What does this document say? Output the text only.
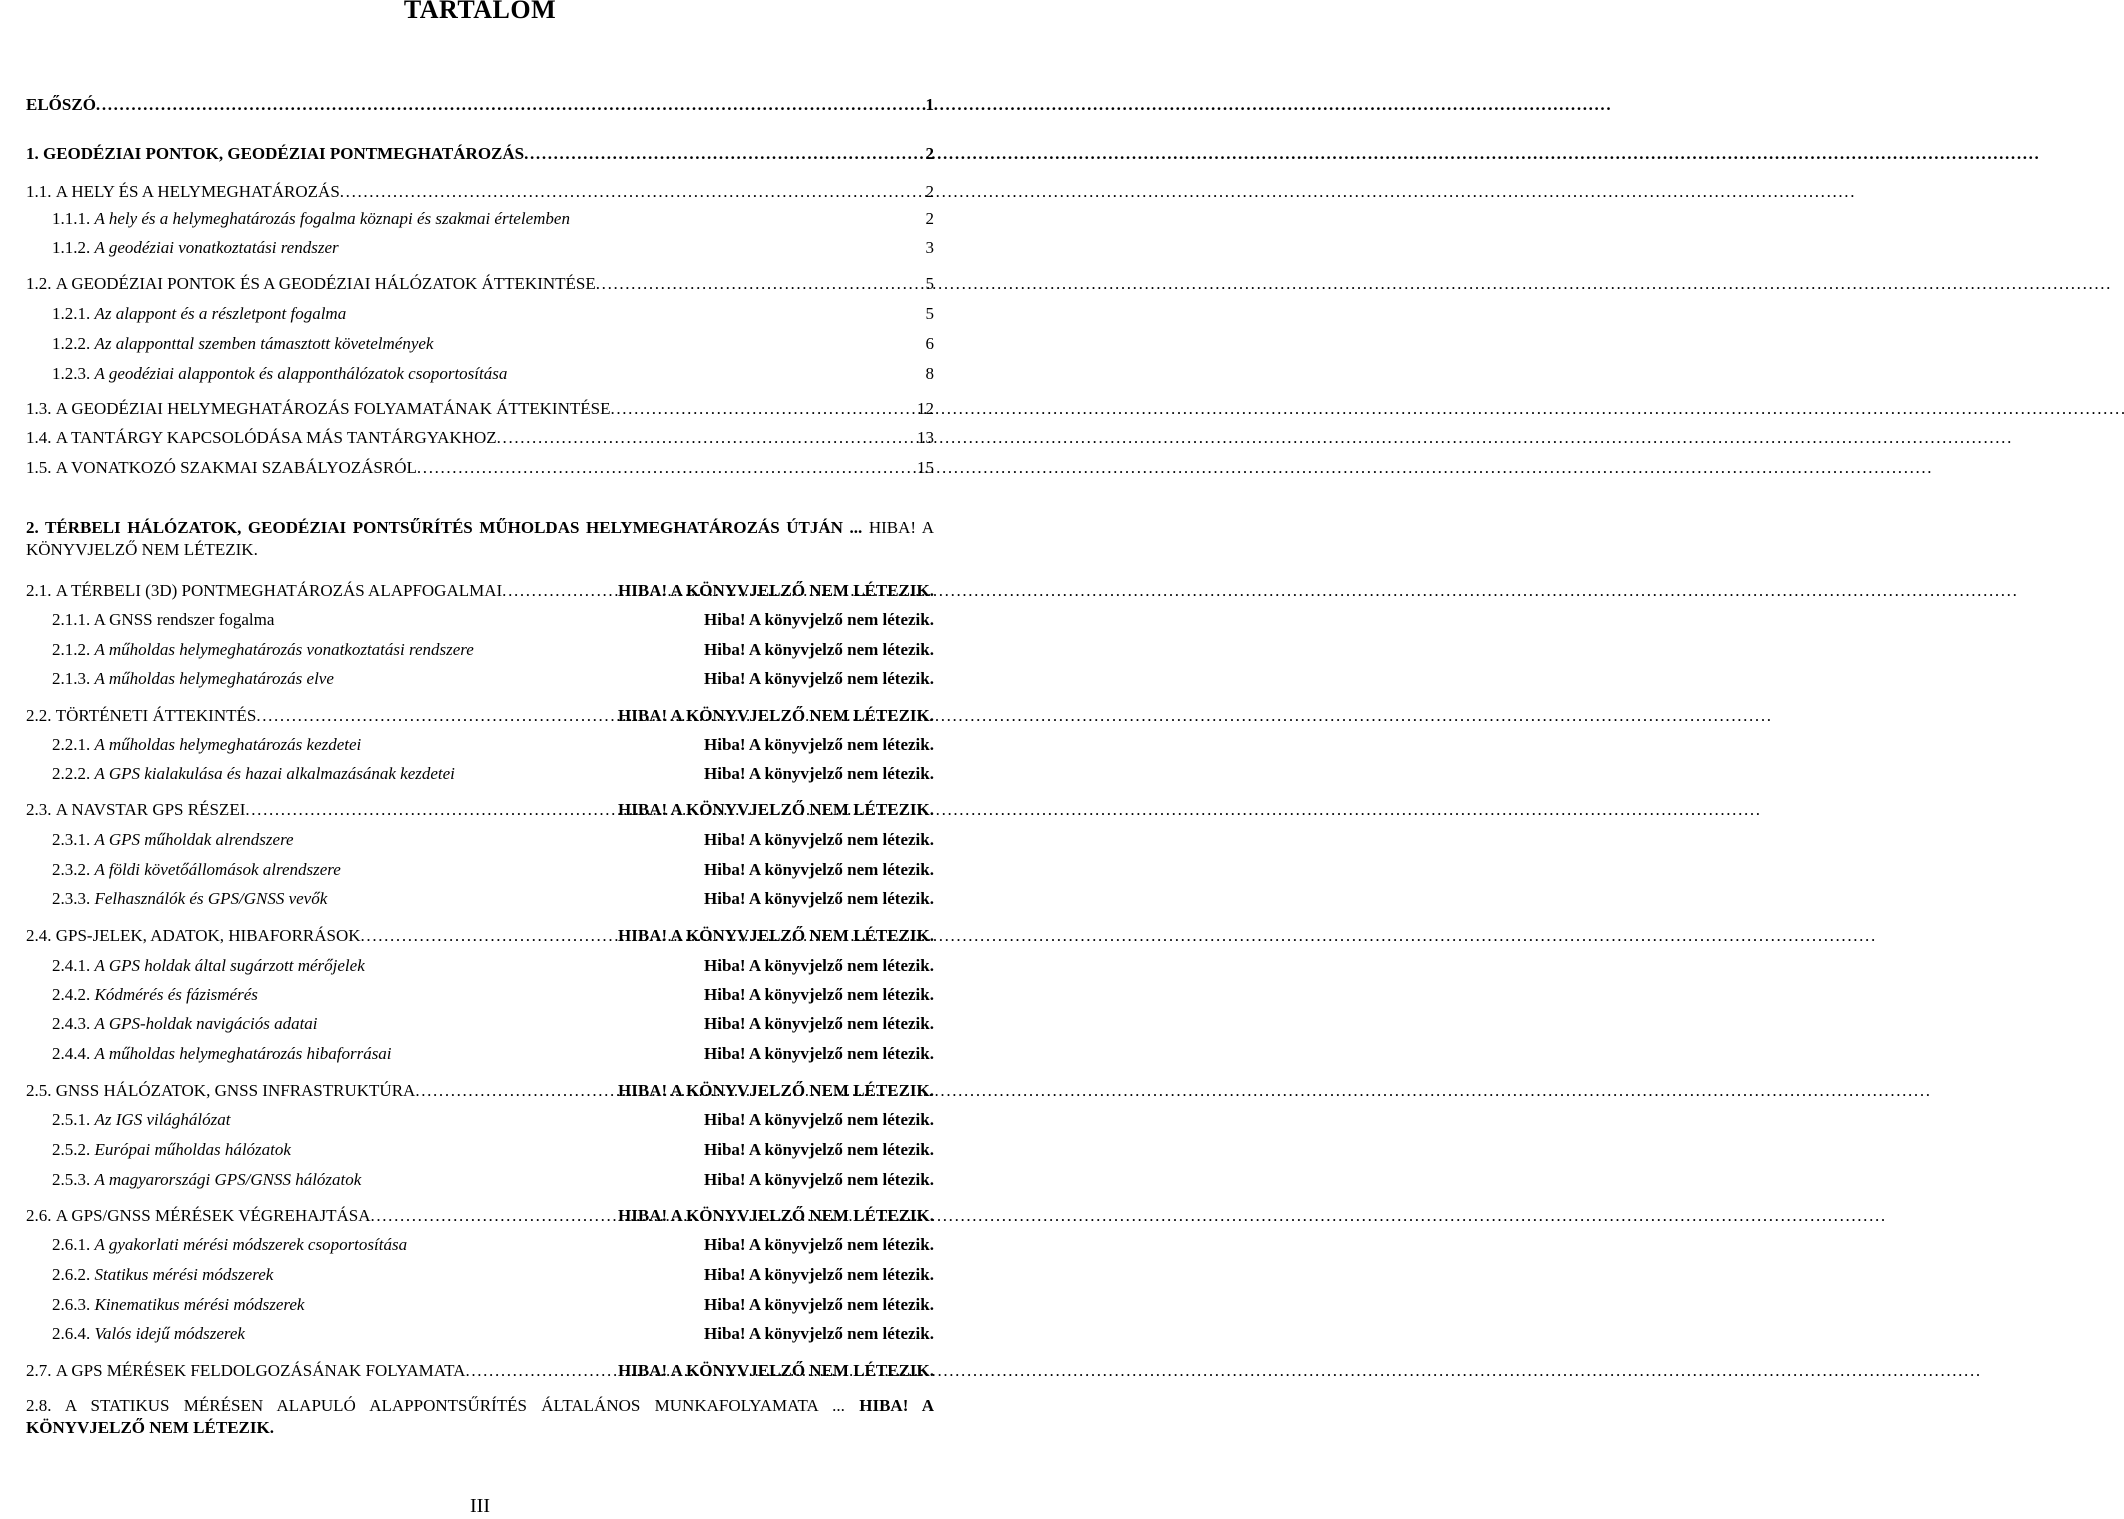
TARTALOM
ELŐSZÓ . . .	1
1. GEODÉZIAI PONTOK, GEODÉZIAI PONTMEGHATÁROZÁS . . .	2
1.1. A HELY ÉS A HELYMEGHATÁROZÁS . . .	2
1.1.1. A hely és a helymeghatározás fogalma köznapi és szakmai értelemben	2
1.1.2. A geodéziai vonatkoztatási rendszer	3
1.2. A GEODÉZIAI PONTOK ÉS A GEODÉZIAI HÁLÓZATOK ÁTTEKINTÉSE . . .	5
1.2.1. Az alappont és a részletpont fogalma	5
1.2.2. Az alapponttal szemben támasztott követelmények	6
1.2.3. A geodéziai alappontok és alapponthálózatok csoportosítása	8
1.3. A GEODÉZIAI HELYMEGHATÁROZÁS FOLYAMATÁNAK ÁTTEKINTÉSE . . .	12
1.4. A TANTÁRGY KAPCSOLÓDÁSA MÁS TANTÁRGYAKHOZ . . .	13
1.5. A VONATKOZÓ SZAKMAI SZABÁLYOZÁSRÓL . . .	15
2. TÉRBELI HÁLÓZATOK, GEODÉZIAI PONTSŰRÍTÉS MŰHOLDAS HELYMEGHATÁROZÁS ÚTJÁN ... HIBA! A KÖNYVJELZŐ NEM LÉTEZIK.
2.1. A TÉRBELI (3D) PONTMEGHATÁROZÁS ALAPFOGALMAI . . .	HIBA! A KÖNYVJELZŐ NEM LÉTEZIK.
2.1.1. A GNSS rendszer fogalma	Hiba! A könyvjelző nem létezik.
2.1.2. A műholdas helymeghatározás vonatkoztatási rendszere	Hiba! A könyvjelző nem létezik.
2.1.3. A műholdas helymeghatározás elve	Hiba! A könyvjelző nem létezik.
2.2. TÖRTÉNETI ÁTTEKINTÉS . . .	HIBA! A KÖNYVJELZŐ NEM LÉTEZIK.
2.2.1. A műholdas helymeghatározás kezdetei	Hiba! A könyvjelző nem létezik.
2.2.2. A GPS kialakulása és hazai alkalmazásának kezdetei	Hiba! A könyvjelző nem létezik.
2.3. A NAVSTAR GPS RÉSZEI . . .	HIBA! A KÖNYVJELZŐ NEM LÉTEZIK.
2.3.1. A GPS műholdak alrendszere	Hiba! A könyvjelző nem létezik.
2.3.2. A földi követőállomások alrendszere	Hiba! A könyvjelző nem létezik.
2.3.3. Felhasználók és GPS/GNSS vevők	Hiba! A könyvjelző nem létezik.
2.4. GPS-JELEK, ADATOK, HIBAFORRÁSOK . . .	HIBA! A KÖNYVJELZŐ NEM LÉTEZIK.
2.4.1. A GPS holdak által sugárzott mérőjelek	Hiba! A könyvjelző nem létezik.
2.4.2. Kódmérés és fázismérés	Hiba! A könyvjelző nem létezik.
2.4.3. A GPS-holdak navigációs adatai	Hiba! A könyvjelző nem létezik.
2.4.4. A műholdas helymeghatározás hibaforrásai	Hiba! A könyvjelző nem létezik.
2.5. GNSS HÁLÓZATOK, GNSS INFRASTRUKTÚRA . . .	HIBA! A KÖNYVJELZŐ NEM LÉTEZIK.
2.5.1. Az IGS világhálózat	Hiba! A könyvjelző nem létezik.
2.5.2. Európai műholdas hálózatok	Hiba! A könyvjelző nem létezik.
2.5.3. A magyarországi GPS/GNSS hálózatok	Hiba! A könyvjelző nem létezik.
2.6. A GPS/GNSS MÉRÉSEK VÉGREHAJTÁSA . . .	HIBA! A KÖNYVJELZŐ NEM LÉTEZIK.
2.6.1. A gyakorlati mérési módszerek csoportosítása	Hiba! A könyvjelző nem létezik.
2.6.2. Statikus mérési módszerek	Hiba! A könyvjelző nem létezik.
2.6.3. Kinematikus mérési módszerek	Hiba! A könyvjelző nem létezik.
2.6.4. Valós idejű módszerek	Hiba! A könyvjelző nem létezik.
2.7. A GPS MÉRÉSEK FELDOLGOZÁSÁNAK FOLYAMATA . . .	HIBA! A KÖNYVJELZŐ NEM LÉTEZIK.
2.8. A STATIKUS MÉRÉSEN ALAPULÓ ALAPPONTSŰRÍTÉS ÁLTALÁNOS MUNKAFOLYAMATA ... HIBA! A KÖNYVJELZŐ NEM LÉTEZIK.
III
